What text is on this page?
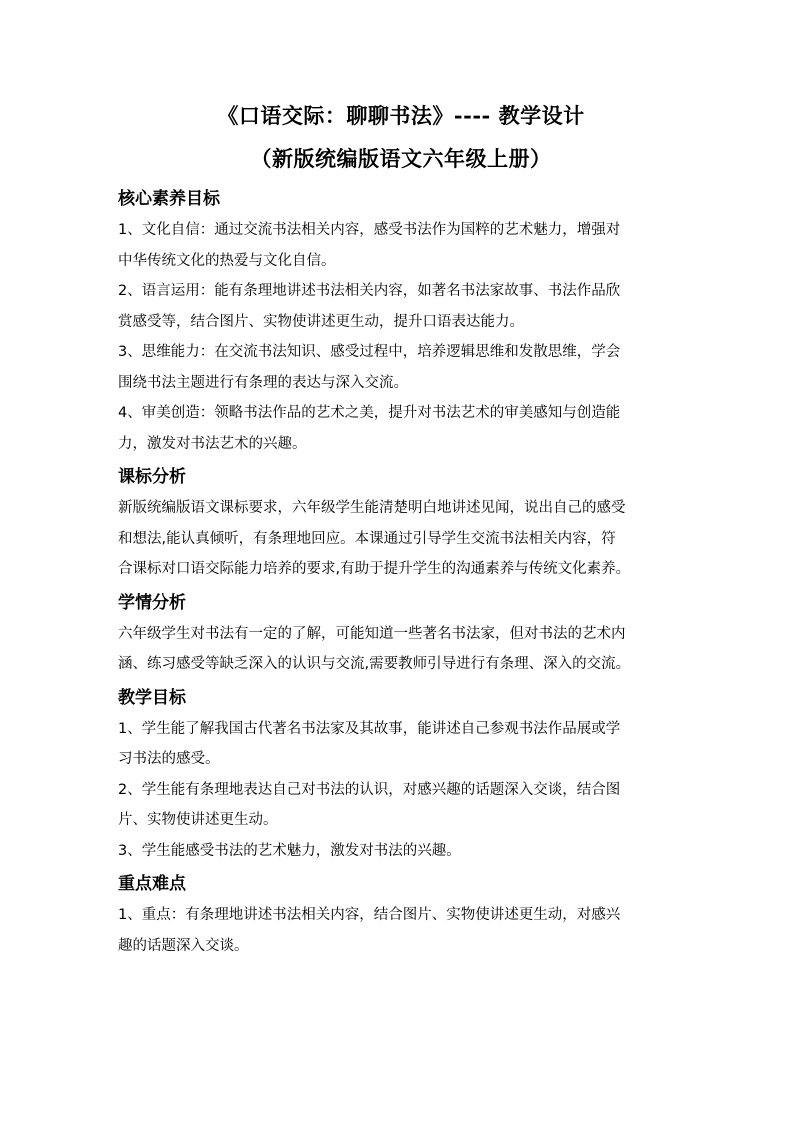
《口语交际：聊聊书法》---- 教学设计
（新版统编版语文六年级上册）
核心素养目标

1、文化自信：通过交流书法相关内容，感受书法作为国粹的艺术魅力，增强对

中华传统文化的热爱与文化自信。

2、语言运用：能有条理地讲述书法相关内容，如著名书法家故事、书法作品欣

赏感受等，结合图片、实物使讲述更生动，提升口语表达能力。

3、思维能力：在交流书法知识、感受过程中，培养逻辑思维和发散思维，学会

围绕书法主题进行有条理的表达与深入交流。

4、审美创造：领略书法作品的艺术之美，提升对书法艺术的审美感知与创造能

力，激发对书法艺术的兴趣。

课标分析

新版统编版语文课标要求，六年级学生能清楚明白地讲述见闻，说出自己的感受

和想法,能认真倾听，有条理地回应。本课通过引导学生交流书法相关内容，符

合课标对口语交际能力培养的要求,有助于提升学生的沟通素养与传统文化素养。

学情分析

六年级学生对书法有一定的了解，可能知道一些著名书法家，但对书法的艺术内

涵、练习感受等缺乏深入的认识与交流,需要教师引导进行有条理、深入的交流。

教学目标

1、学生能了解我国古代著名书法家及其故事，能讲述自己参观书法作品展或学

习书法的感受。

2、学生能有条理地表达自己对书法的认识，对感兴趣的话题深入交谈，结合图

片、实物使讲述更生动。

3、学生能感受书法的艺术魅力，激发对书法的兴趣。

重点难点

1、重点：有条理地讲述书法相关内容，结合图片、实物使讲述更生动，对感兴

趣的话题深入交谈。
